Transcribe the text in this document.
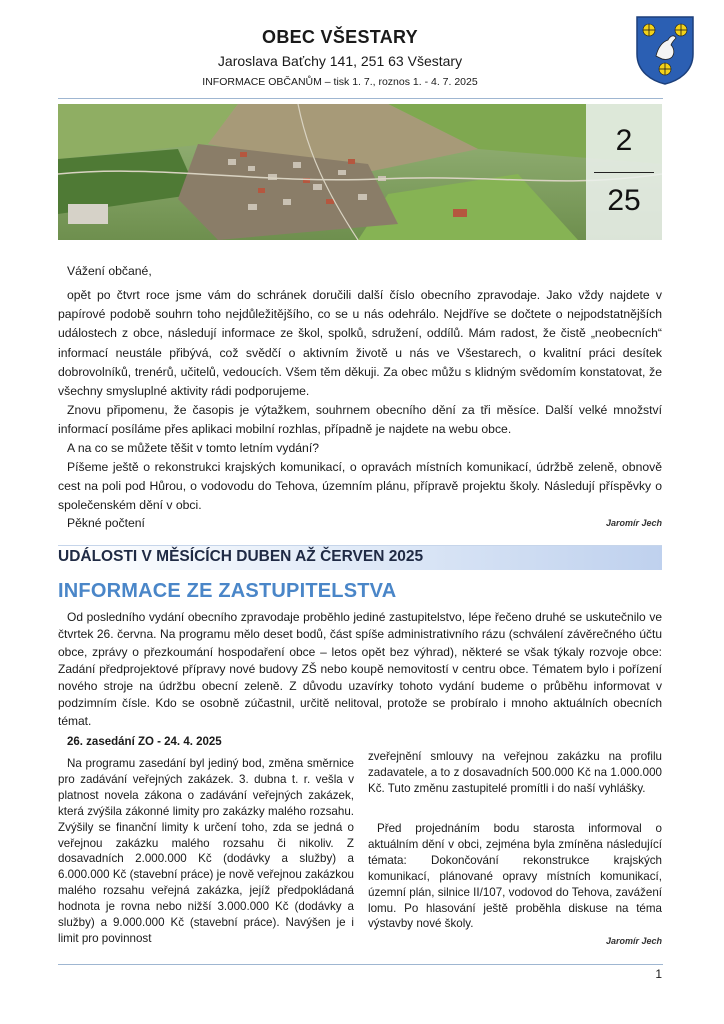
OBEC VŠESTARY
Jaroslava Baťchy 141, 251 63 Všestary
INFORMACE OBČANŮM – tisk 1. 7., roznos 1. - 4. 7. 2025
2
25
Vážení občané,
opět po čtvrt roce jsme vám do schránek doručili další číslo obecního zpravodaje. Jako vždy najdete v papírové podobě souhrn toho nejdůležitějšího, co se u nás odehrálo. Nejdříve se dočtete o nejpodstatnějších událostech z obce, následují informace ze škol, spolků, sdružení, oddílů. Mám radost, že čistě „neobecních“ informací neustále přibývá, což svědčí o aktivním životě u nás ve Všestarech, o kvalitní práci desítek dobrovolníků, trenérů, učitelů, vedoucích. Všem těm děkuji. Za obec můžu s klidným svědomím konstatovat, že všechny smysluplné aktivity rádi podporujeme.
Znovu připomenu, že časopis je výtažkem, souhrnem obecního dění za tři měsíce. Další velké množství informací posíláme přes aplikaci mobilní rozhlas, případně je najdete na webu obce.
A na co se můžete těšit v tomto letním vydání?
Píšeme ještě o rekonstrukci krajských komunikací, o opravách místních komunikací, údržbě zeleně, obnově cest na poli pod Hůrou, o vodovodu do Tehova, územním plánu, přípravě projektu školy. Následují příspěvky o společenském dění v obci.
Pěkné počtení	Jaromír Jech
UDÁLOSTI V MĚSÍCÍCH DUBEN AŽ ČERVEN 2025
INFORMACE ZE ZASTUPITELSTVA
Od posledního vydání obecního zpravodaje proběhlo jediné zastupitelstvo, lépe řečeno druhé se uskutečnilo ve čtvrtek 26. června. Na programu mělo deset bodů, část spíše administrativního rázu (schválení závěrečného účtu obce, zprávy o přezkoumání hospodaření obce – letos opět bez výhrad), některé se však týkaly rozvoje obce: Zadání předprojektové přípravy nové budovy ZŠ nebo koupě nemovitostí v centru obce. Tématem bylo i pořízení nového stroje na údržbu obecní zeleně. Z důvodu uzavírky tohoto vydání budeme o průběhu informovat v podzimním čísle. Kdo se osobně zúčastnil, určitě nelitoval, protože se probíralo i mnoho aktuálních obecních témat.
26. zasedání ZO - 24. 4. 2025
Na programu zasedání byl jediný bod, změna směrnice pro zadávání veřejných zakázek. 3. dubna t. r. vešla v platnost novela zákona o zadávání veřejných zakázek, která zvýšila zákonné limity pro zakázky malého rozsahu. Zvýšily se finanční limity k určení toho, zda se jedná o veřejnou zakázku malého rozsahu či nikoliv. Z dosavadních 2.000.000 Kč (dodávky a služby) a 6.000.000 Kč (stavební práce) je nově veřejnou zakázkou malého rozsahu veřejná zakázka, jejíž předpokládaná hodnota je rovna nebo nižší 3.000.000 Kč (dodávky a služby) a 9.000.000 Kč (stavební práce). Navýšen je i limit pro povinnost
zveřejnění smlouvy na veřejnou zakázku na profilu zadavatele, a to z dosavadních 500.000 Kč na 1.000.000 Kč. Tuto změnu zastupitelé promítli i do naší vyhlášky.
Před projednáním bodu starosta informoval o aktuálním dění v obci, zejména byla zmíněna následující témata: Dokončování rekonstrukce krajských komunikací, plánované opravy místních komunikací, územní plán, silnice II/107, vodovod do Tehova, zavážení lomu. Po hlasování ještě proběhla diskuse na téma výstavby nové školy.
Jaromír Jech
1
